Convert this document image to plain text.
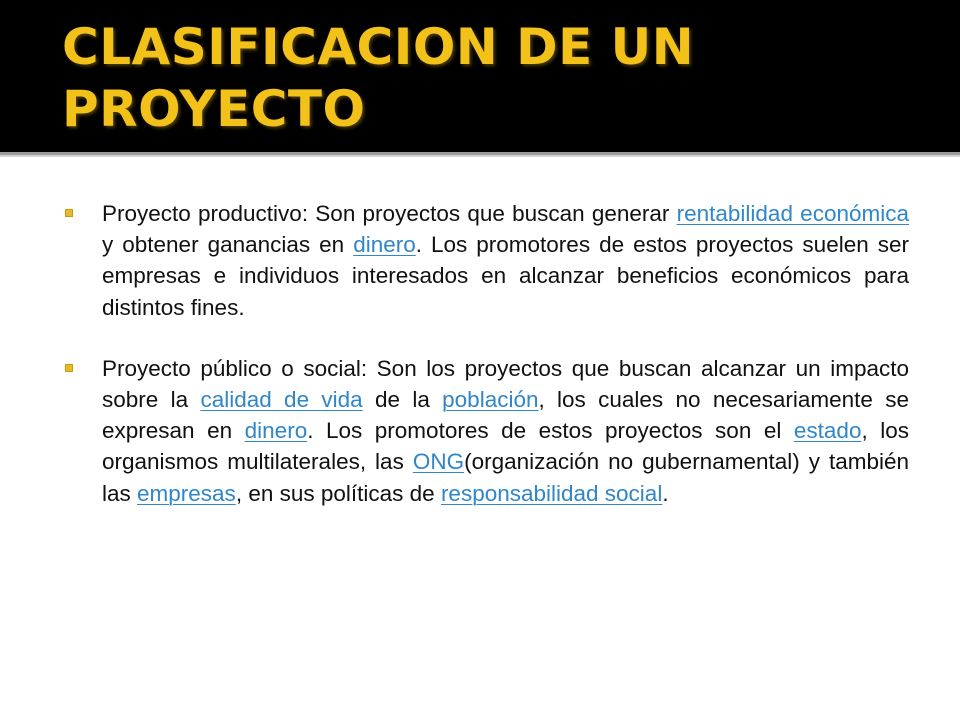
CLASIFICACION DE UN PROYECTO

Proyecto productivo: Son proyectos que buscan generar rentabilidad económica y obtener ganancias en dinero. Los promotores de estos proyectos suelen ser empresas e individuos interesados en alcanzar beneficios económicos para distintos fines.

Proyecto público o social: Son los proyectos que buscan alcanzar un impacto sobre la calidad de vida de la población, los cuales no necesariamente se expresan en dinero. Los promotores de estos proyectos son el estado, los organismos multilaterales, las ONG(organización no gubernamental) y también las empresas, en sus políticas de responsabilidad social.
